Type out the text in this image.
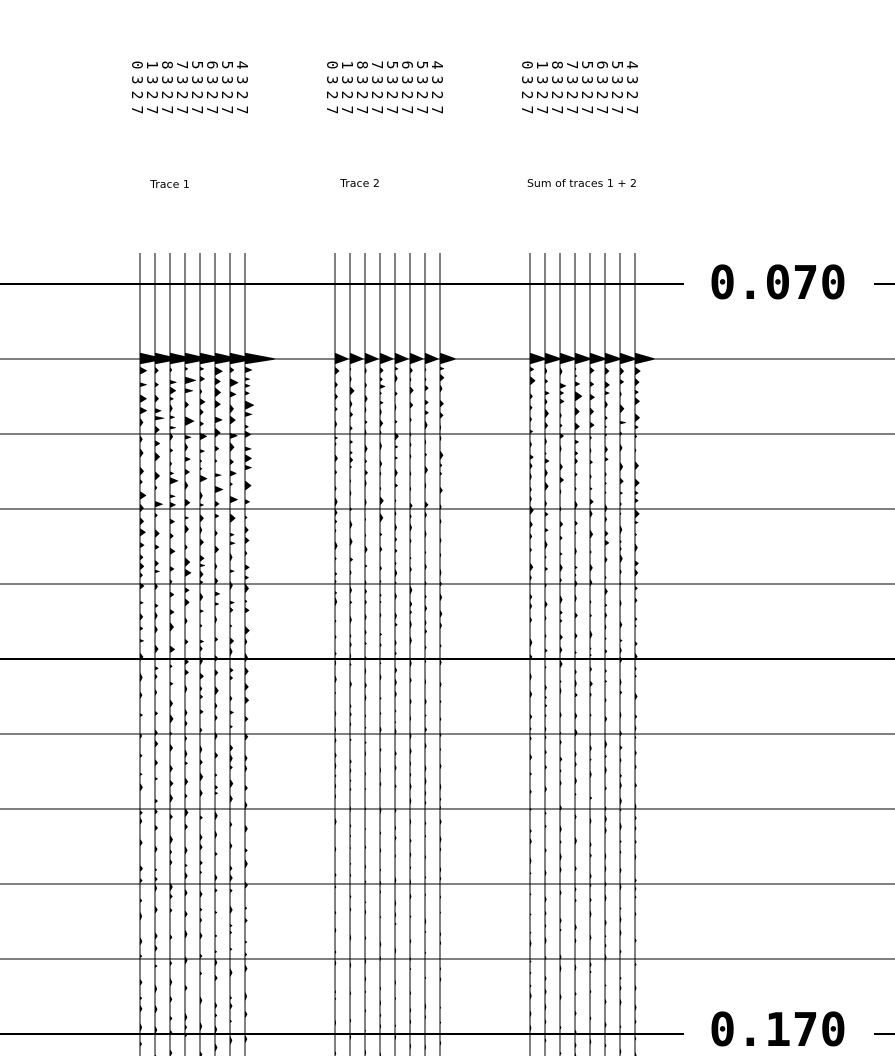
0
3
2
7
1
3
2
7
8
3
2
7
7
3
2
7
5
3
2
7
6
3
2
7
5
3
2
7
4
3
2
7
0
3
2
7
1
3
2
7
8
3
2
7
7
3
2
7
5
3
2
7
6
3
2
7
5
3
2
7
4
3
2
7
0
3
2
7
1
3
2
7
8
3
2
7
7
3
2
7
5
3
2
7
6
3
2
7
5
3
2
7
4
3
2
7
Trace 1	Trace 2	Sum of traces 1 + 2
0.070
0.170
